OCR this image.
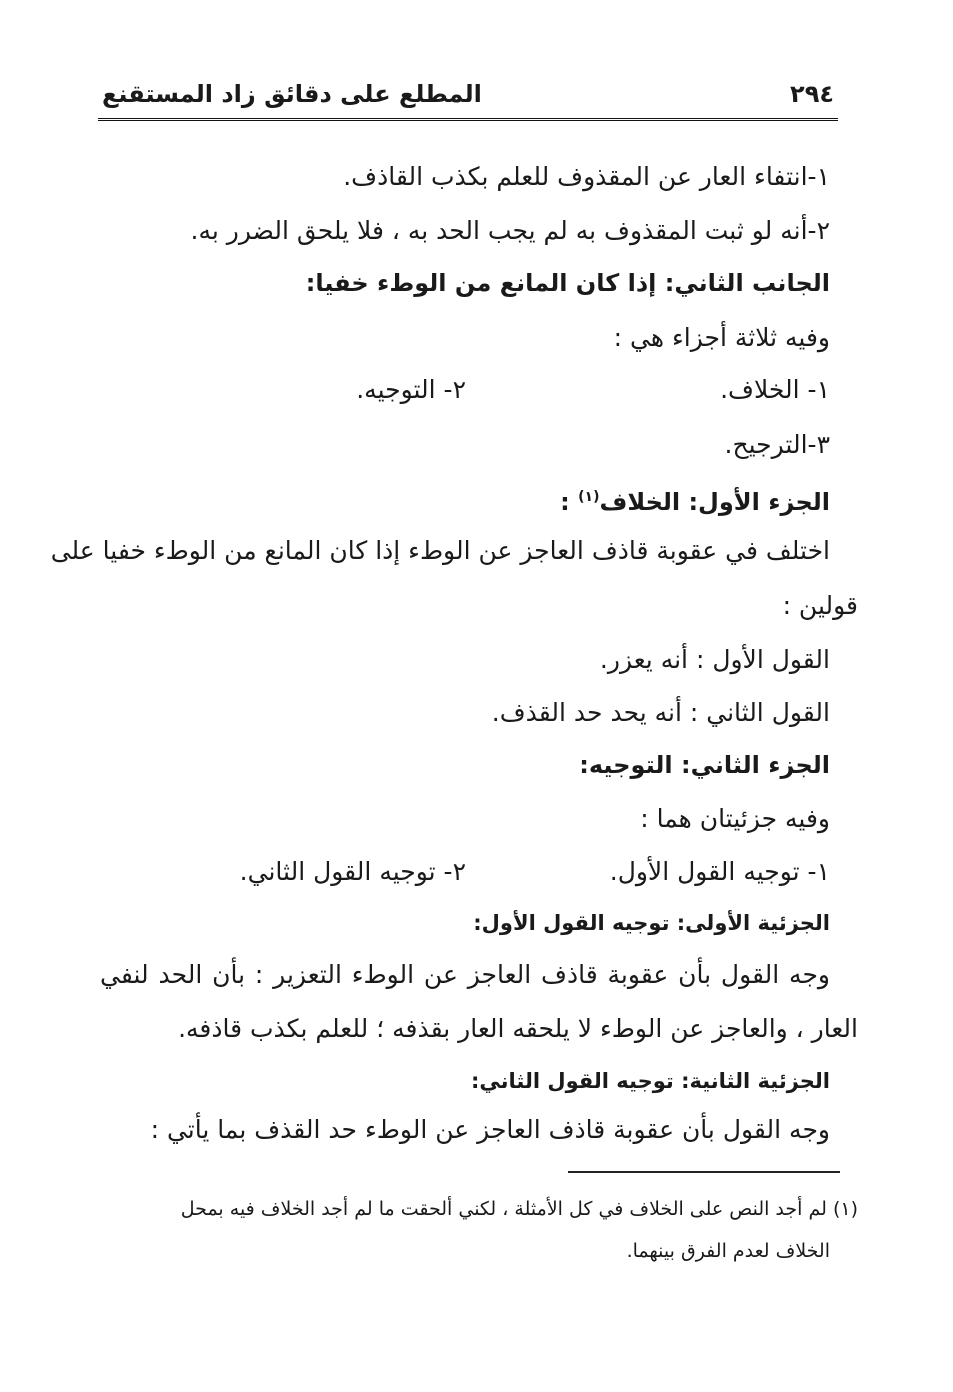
٢٩٤
المطلع على دقائق زاد المستقنع
١-انتفاء العار عن المقذوف للعلم بكذب القاذف.
٢-أنه لو ثبت المقذوف به لم يجب الحد به ، فلا يلحق الضرر به.
الجانب الثاني: إذا كان المانع من الوطء خفيا:
وفيه ثلاثة أجزاء هي :
١- الخلاف.
٢- التوجيه.
٣-الترجيح.
الجزء الأول: الخلاف$^{(١)}$ :
اختلف في عقوبة قاذف العاجز عن الوطء إذا كان المانع من الوطء خفيا على
قولين :
القول الأول : أنه يعزر.
القول الثاني : أنه يحد حد القذف.
الجزء الثاني: التوجيه:
وفيه جزئيتان هما :
١- توجيه القول الأول.
٢- توجيه القول الثاني.
الجزئية الأولى: توجيه القول الأول:
وجه القول بأن عقوبة قاذف العاجز عن الوطء التعزير : بأن الحد لنفي
العار ، والعاجز عن الوطء لا يلحقه العار بقذفه ؛ للعلم بكذب قاذفه.
الجزئية الثانية: توجيه القول الثاني:
وجه القول بأن عقوبة قاذف العاجز عن الوطء حد القذف بما يأتي :
(١) لم أجد النص على الخلاف في كل الأمثلة ، لكني ألحقت ما لم أجد الخلاف فيه بمحل
الخلاف لعدم الفرق بينهما.
